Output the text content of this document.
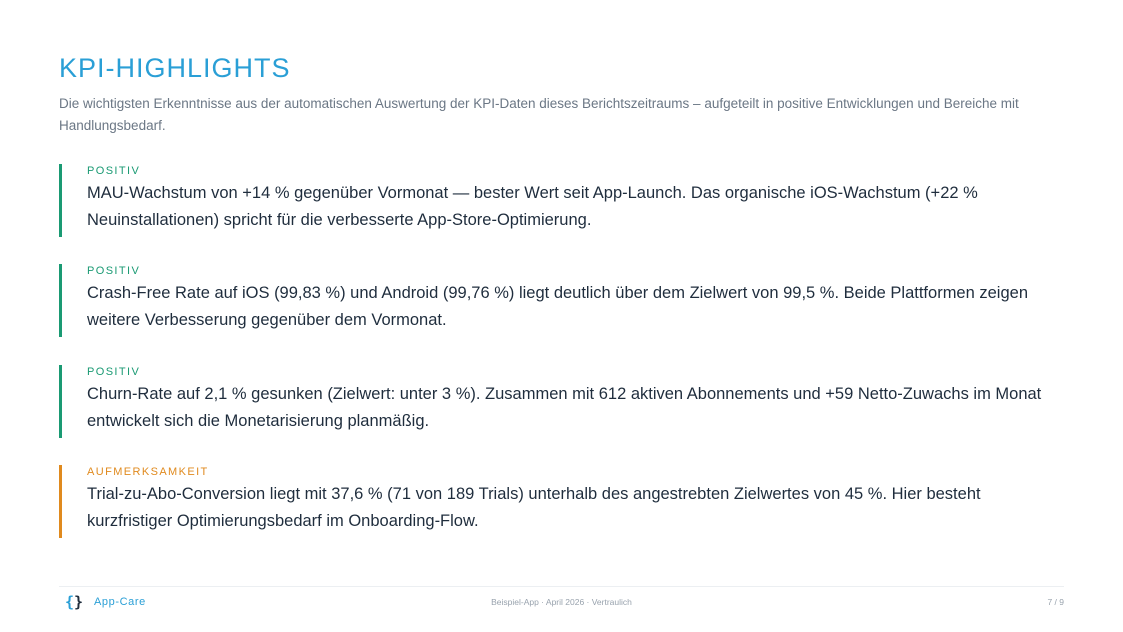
KPI-HIGHLIGHTS

Die wichtigsten Erkenntnisse aus der automatischen Auswertung der KPI-Daten dieses Berichtszeitraums – aufgeteilt in positive Entwicklungen und Bereiche mit Handlungsbedarf.

POSITIV
MAU-Wachstum von +14 % gegenüber Vormonat — bester Wert seit App-Launch. Das organische iOS-Wachstum (+22 % Neuinstallationen) spricht für die verbesserte App-Store-Optimierung.
POSITIV
Crash-Free Rate auf iOS (99,83 %) und Android (99,76 %) liegt deutlich über dem Zielwert von 99,5 %. Beide Plattformen zeigen weitere Verbesserung gegenüber dem Vormonat.
POSITIV
Churn-Rate auf 2,1 % gesunken (Zielwert: unter 3 %). Zusammen mit 612 aktiven Abonnements und +59 Netto-Zuwachs im Monat entwickelt sich die Monetarisierung planmäßig.
AUFMERKSAMKEIT
Trial-zu-Abo-Conversion liegt mit 37,6 % (71 von 189 Trials) unterhalb des angestrebten Zielwertes von 45 %. Hier besteht kurzfristiger Optimierungsbedarf im Onboarding-Flow.
{} App-Care	Beispiel-App · April 2026 · Vertraulich	7 / 9
